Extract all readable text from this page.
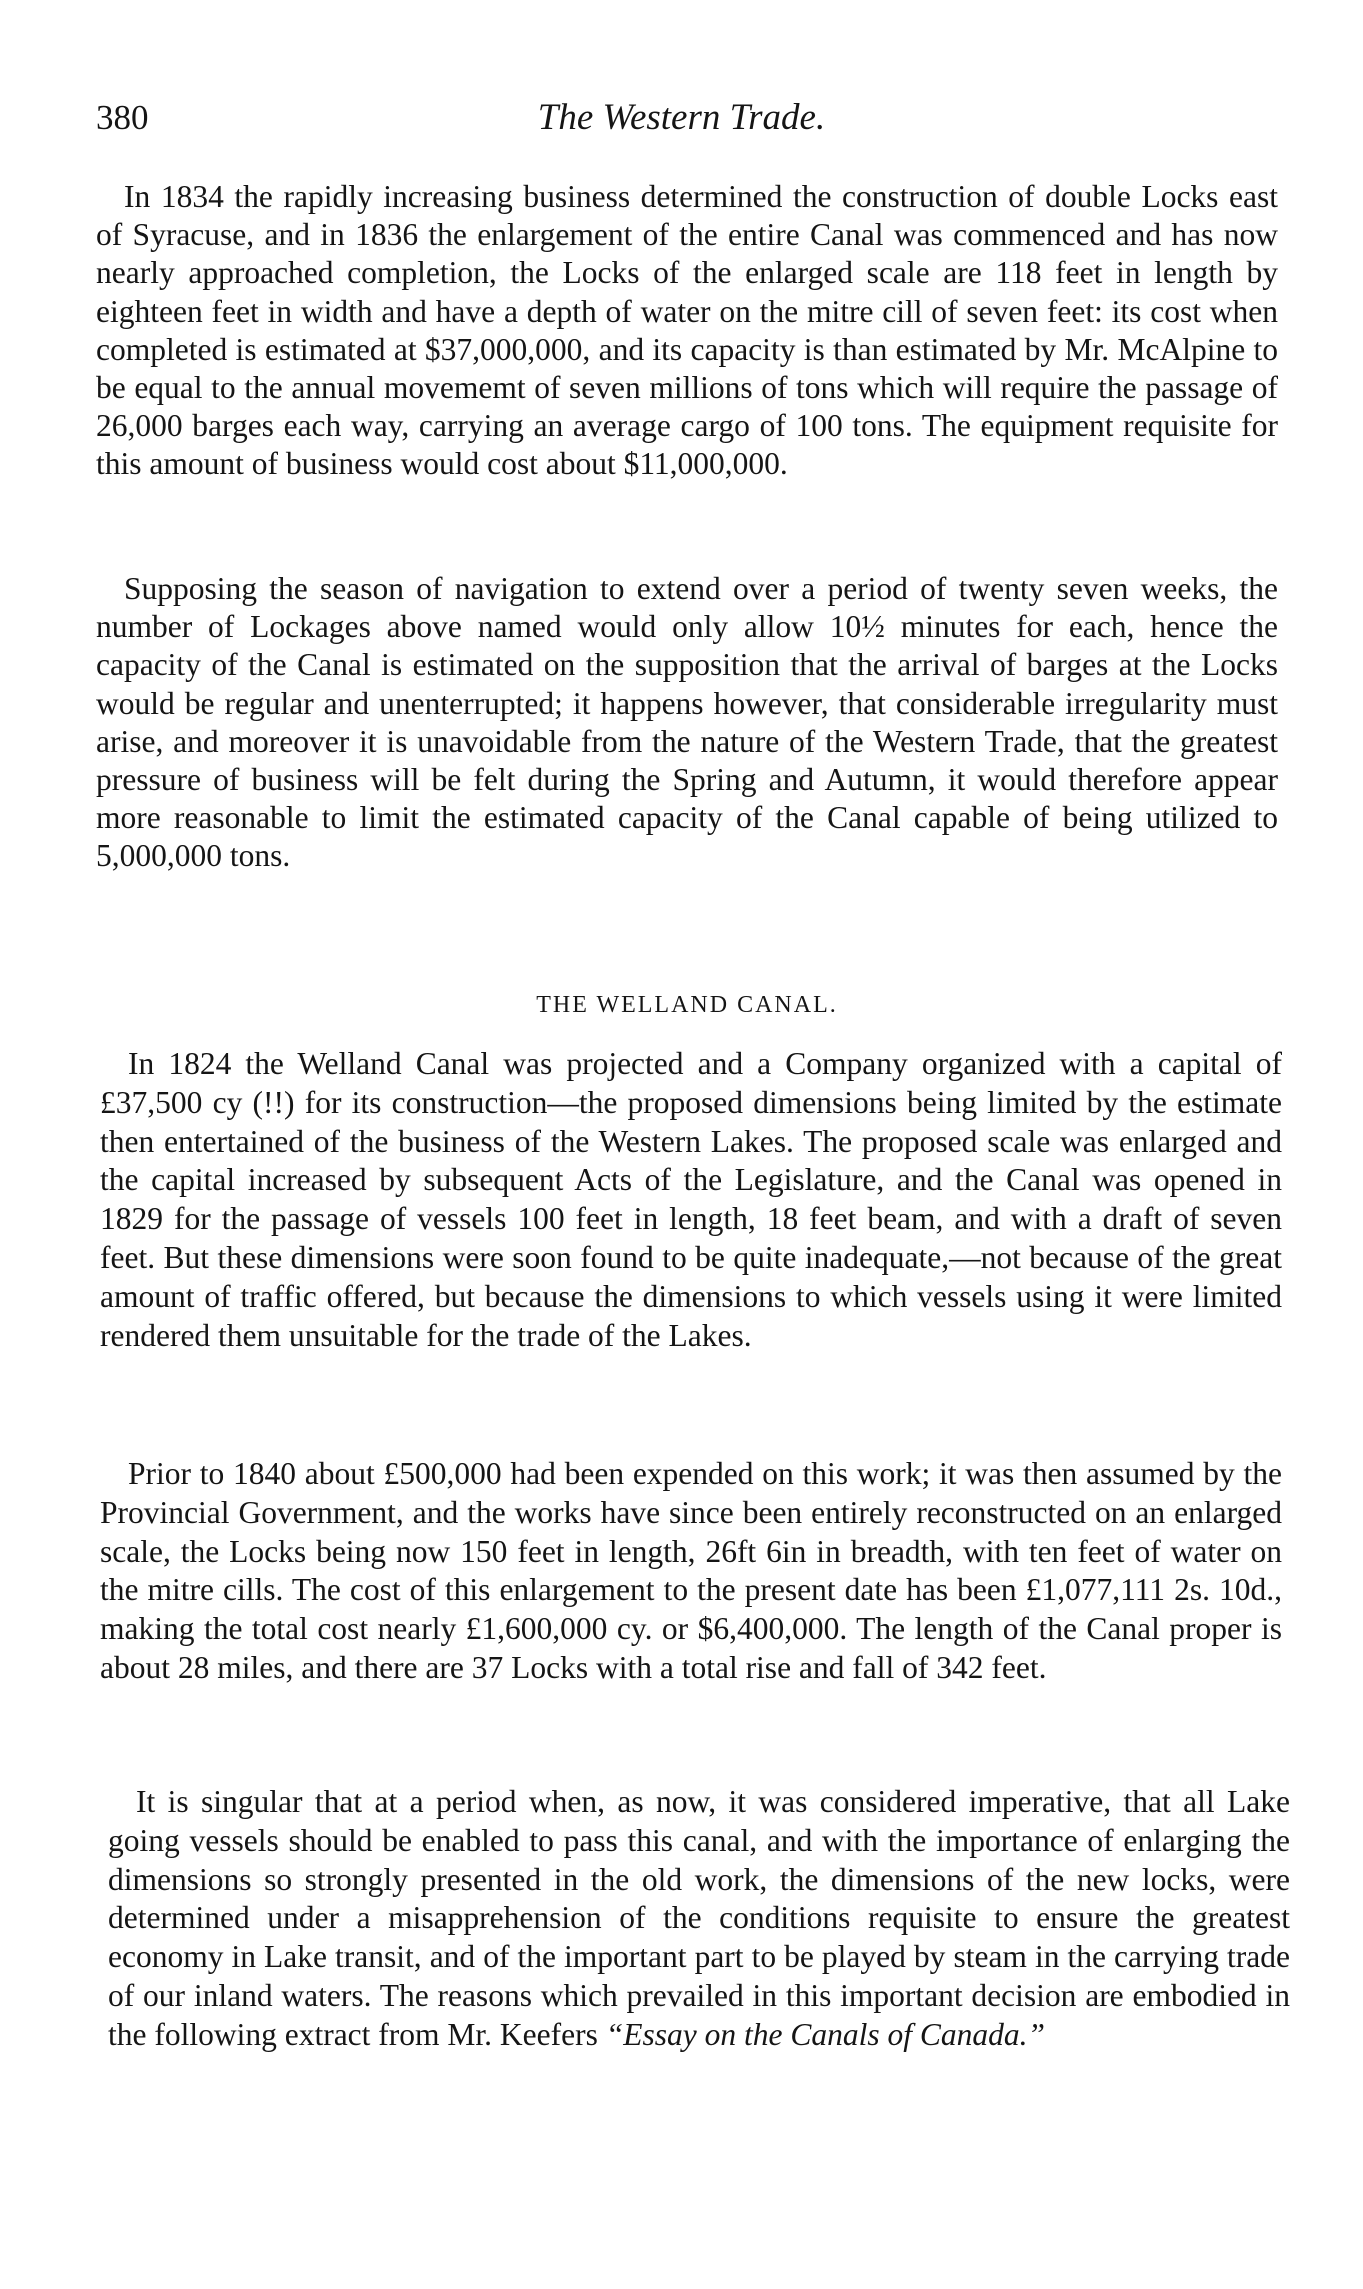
380	The Western Trade.

In 1834 the rapidly increasing business determined the construction of double Locks east of Syracuse, and in 1836 the enlargement of the entire Canal was commenced and has now nearly approached completion, the Locks of the enlarged scale are 118 feet in length by eighteen feet in width and have a depth of water on the mitre cill of seven feet: its cost when completed is estimated at $37,000,000, and its capacity is than estimated by Mr. McAlpine to be equal to the annual movememt of seven millions of tons which will require the passage of 26,000 barges each way, carrying an average cargo of 100 tons. The equipment requisite for this amount of business would cost about $11,000,000.

Supposing the season of navigation to extend over a period of twenty seven weeks, the number of Lockages above named would only allow 10½ minutes for each, hence the capacity of the Canal is estimated on the supposition that the arrival of barges at the Locks would be regular and unenterrupted; it happens however, that considerable irregularity must arise, and moreover it is unavoidable from the nature of the Western Trade, that the greatest pressure of business will be felt during the Spring and Autumn, it would therefore appear more reasonable to limit the estimated capacity of the Canal capable of being utilized to 5,000,000 tons.

THE WELLAND CANAL.

In 1824 the Welland Canal was projected and a Company organized with a capital of £37,500 cy (!!) for its construction—the proposed dimensions being limited by the estimate then entertained of the business of the Western Lakes. The proposed scale was enlarged and the capital increased by subsequent Acts of the Legislature, and the Canal was opened in 1829 for the passage of vessels 100 feet in length, 18 feet beam, and with a draft of seven feet. But these dimensions were soon found to be quite inadequate,—not because of the great amount of traffic offered, but because the dimensions to which vessels using it were limited rendered them unsuitable for the trade of the Lakes.

Prior to 1840 about £500,000 had been expended on this work; it was then assumed by the Provincial Government, and the works have since been entirely reconstructed on an enlarged scale, the Locks being now 150 feet in length, 26ft 6in in breadth, with ten feet of water on the mitre cills. The cost of this enlargement to the present date has been £1,077,111 2s. 10d., making the total cost nearly £1,600,000 cy. or $6,400,000. The length of the Canal proper is about 28 miles, and there are 37 Locks with a total rise and fall of 342 feet.

It is singular that at a period when, as now, it was considered imperative, that all Lake going vessels should be enabled to pass this canal, and with the importance of enlarging the dimensions so strongly presented in the old work, the dimensions of the new locks, were determined under a misapprehension of the conditions requisite to ensure the greatest economy in Lake transit, and of the important part to be played by steam in the carrying trade of our inland waters. The reasons which prevailed in this important decision are embodied in the following extract from Mr. Keefers “Essay on the Canals of Canada.”
